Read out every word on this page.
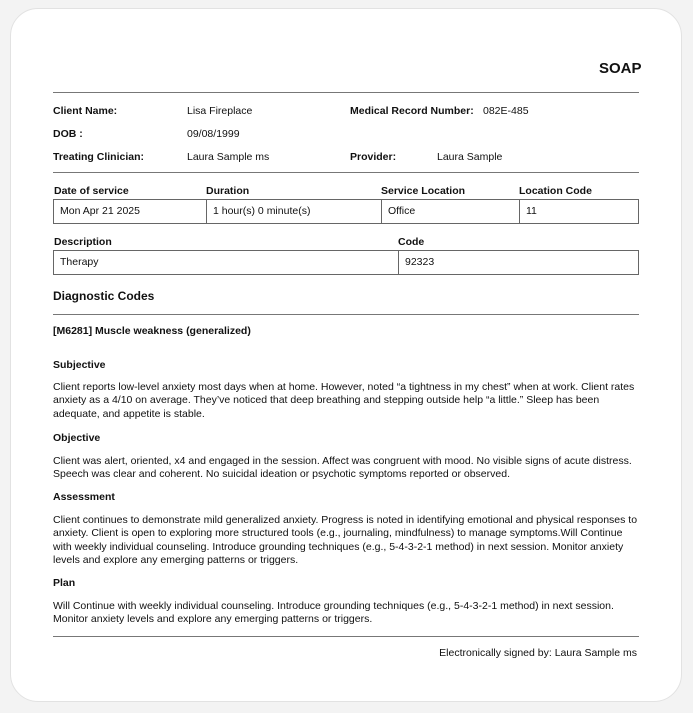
SOAP
Client Name:	Lisa Fireplace	Medical Record Number: 082E-485
DOB :	09/08/1999
Treating Clinician:	Laura Sample ms	Provider:	Laura Sample
Date of service	Duration	Service Location	Location Code
Mon Apr 21 2025	1 hour(s) 0 minute(s)	Office	11
Description	Code
Therapy	92323
Diagnostic Codes
[M6281] Muscle weakness (generalized)
Subjective
Client reports low-level anxiety most days when at home. However, noted “a tightness in my chest” when at work. Client rates anxiety as a 4/10 on average. They’ve noticed that deep breathing and stepping outside help “a little.” Sleep has been adequate, and appetite is stable.
Objective
Client was alert, oriented, x4 and engaged in the session. Affect was congruent with mood. No visible signs of acute distress. Speech was clear and coherent. No suicidal ideation or psychotic symptoms reported or observed.
Assessment
Client continues to demonstrate mild generalized anxiety. Progress is noted in identifying emotional and physical responses to anxiety. Client is open to exploring more structured tools (e.g., journaling, mindfulness) to manage symptoms.Will Continue with weekly individual counseling. Introduce grounding techniques (e.g., 5-4-3-2-1 method) in next session. Monitor anxiety levels and explore any emerging patterns or triggers.
Plan
Will Continue with weekly individual counseling. Introduce grounding techniques (e.g., 5-4-3-2-1 method) in next session. Monitor anxiety levels and explore any emerging patterns or triggers.
Electronically signed by: Laura Sample ms
